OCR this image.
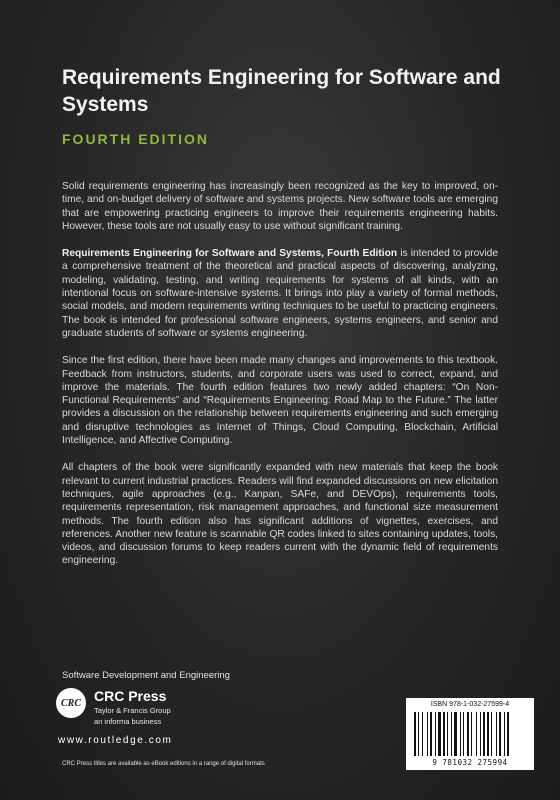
Requirements Engineering for Software and Systems
FOURTH EDITION

Solid requirements engineering has increasingly been recognized as the key to improved, on-time, and on-budget delivery of software and systems projects. New software tools are emerging that are empowering practicing engineers to improve their requirements engineering habits. However, these tools are not usually easy to use without significant training.

Requirements Engineering for Software and Systems, Fourth Edition is intended to provide a comprehensive treatment of the theoretical and practical aspects of discovering, analyzing, modeling, validating, testing, and writing requirements for systems of all kinds, with an intentional focus on software-intensive systems. It brings into play a variety of formal methods, social models, and modern requirements writing techniques to be useful to practicing engineers. The book is intended for professional software engineers, systems engineers, and senior and graduate students of software or systems engineering.

Since the first edition, there have been made many changes and improvements to this textbook. Feedback from instructors, students, and corporate users was used to correct, expand, and improve the materials. The fourth edition features two newly added chapters: “On Non-Functional Requirements” and “Requirements Engineering: Road Map to the Future.” The latter provides a discussion on the relationship between requirements engineering and such emerging and disruptive technologies as Internet of Things, Cloud Computing, Blockchain, Artificial Intelligence, and Affective Computing.

All chapters of the book were significantly expanded with new materials that keep the book relevant to current industrial practices. Readers will find expanded discussions on new elicitation techniques, agile approaches (e.g., Kanpan, SAFe, and DEVOps), requirements tools, requirements representation, risk management approaches, and functional size measurement methods. The fourth edition also has significant additions of vignettes, exercises, and references. Another new feature is scannable QR codes linked to sites containing updates, tools, videos, and discussion forums to keep readers current with the dynamic field of requirements engineering.

Software Development and Engineering
CRC CRC Press
Taylor & Francis Group
an informa business
www.routledge.com
CRC Press titles are available as eBook editions in a range of digital formats
ISBN 978-1-032-27599-4
9 781032 275994
